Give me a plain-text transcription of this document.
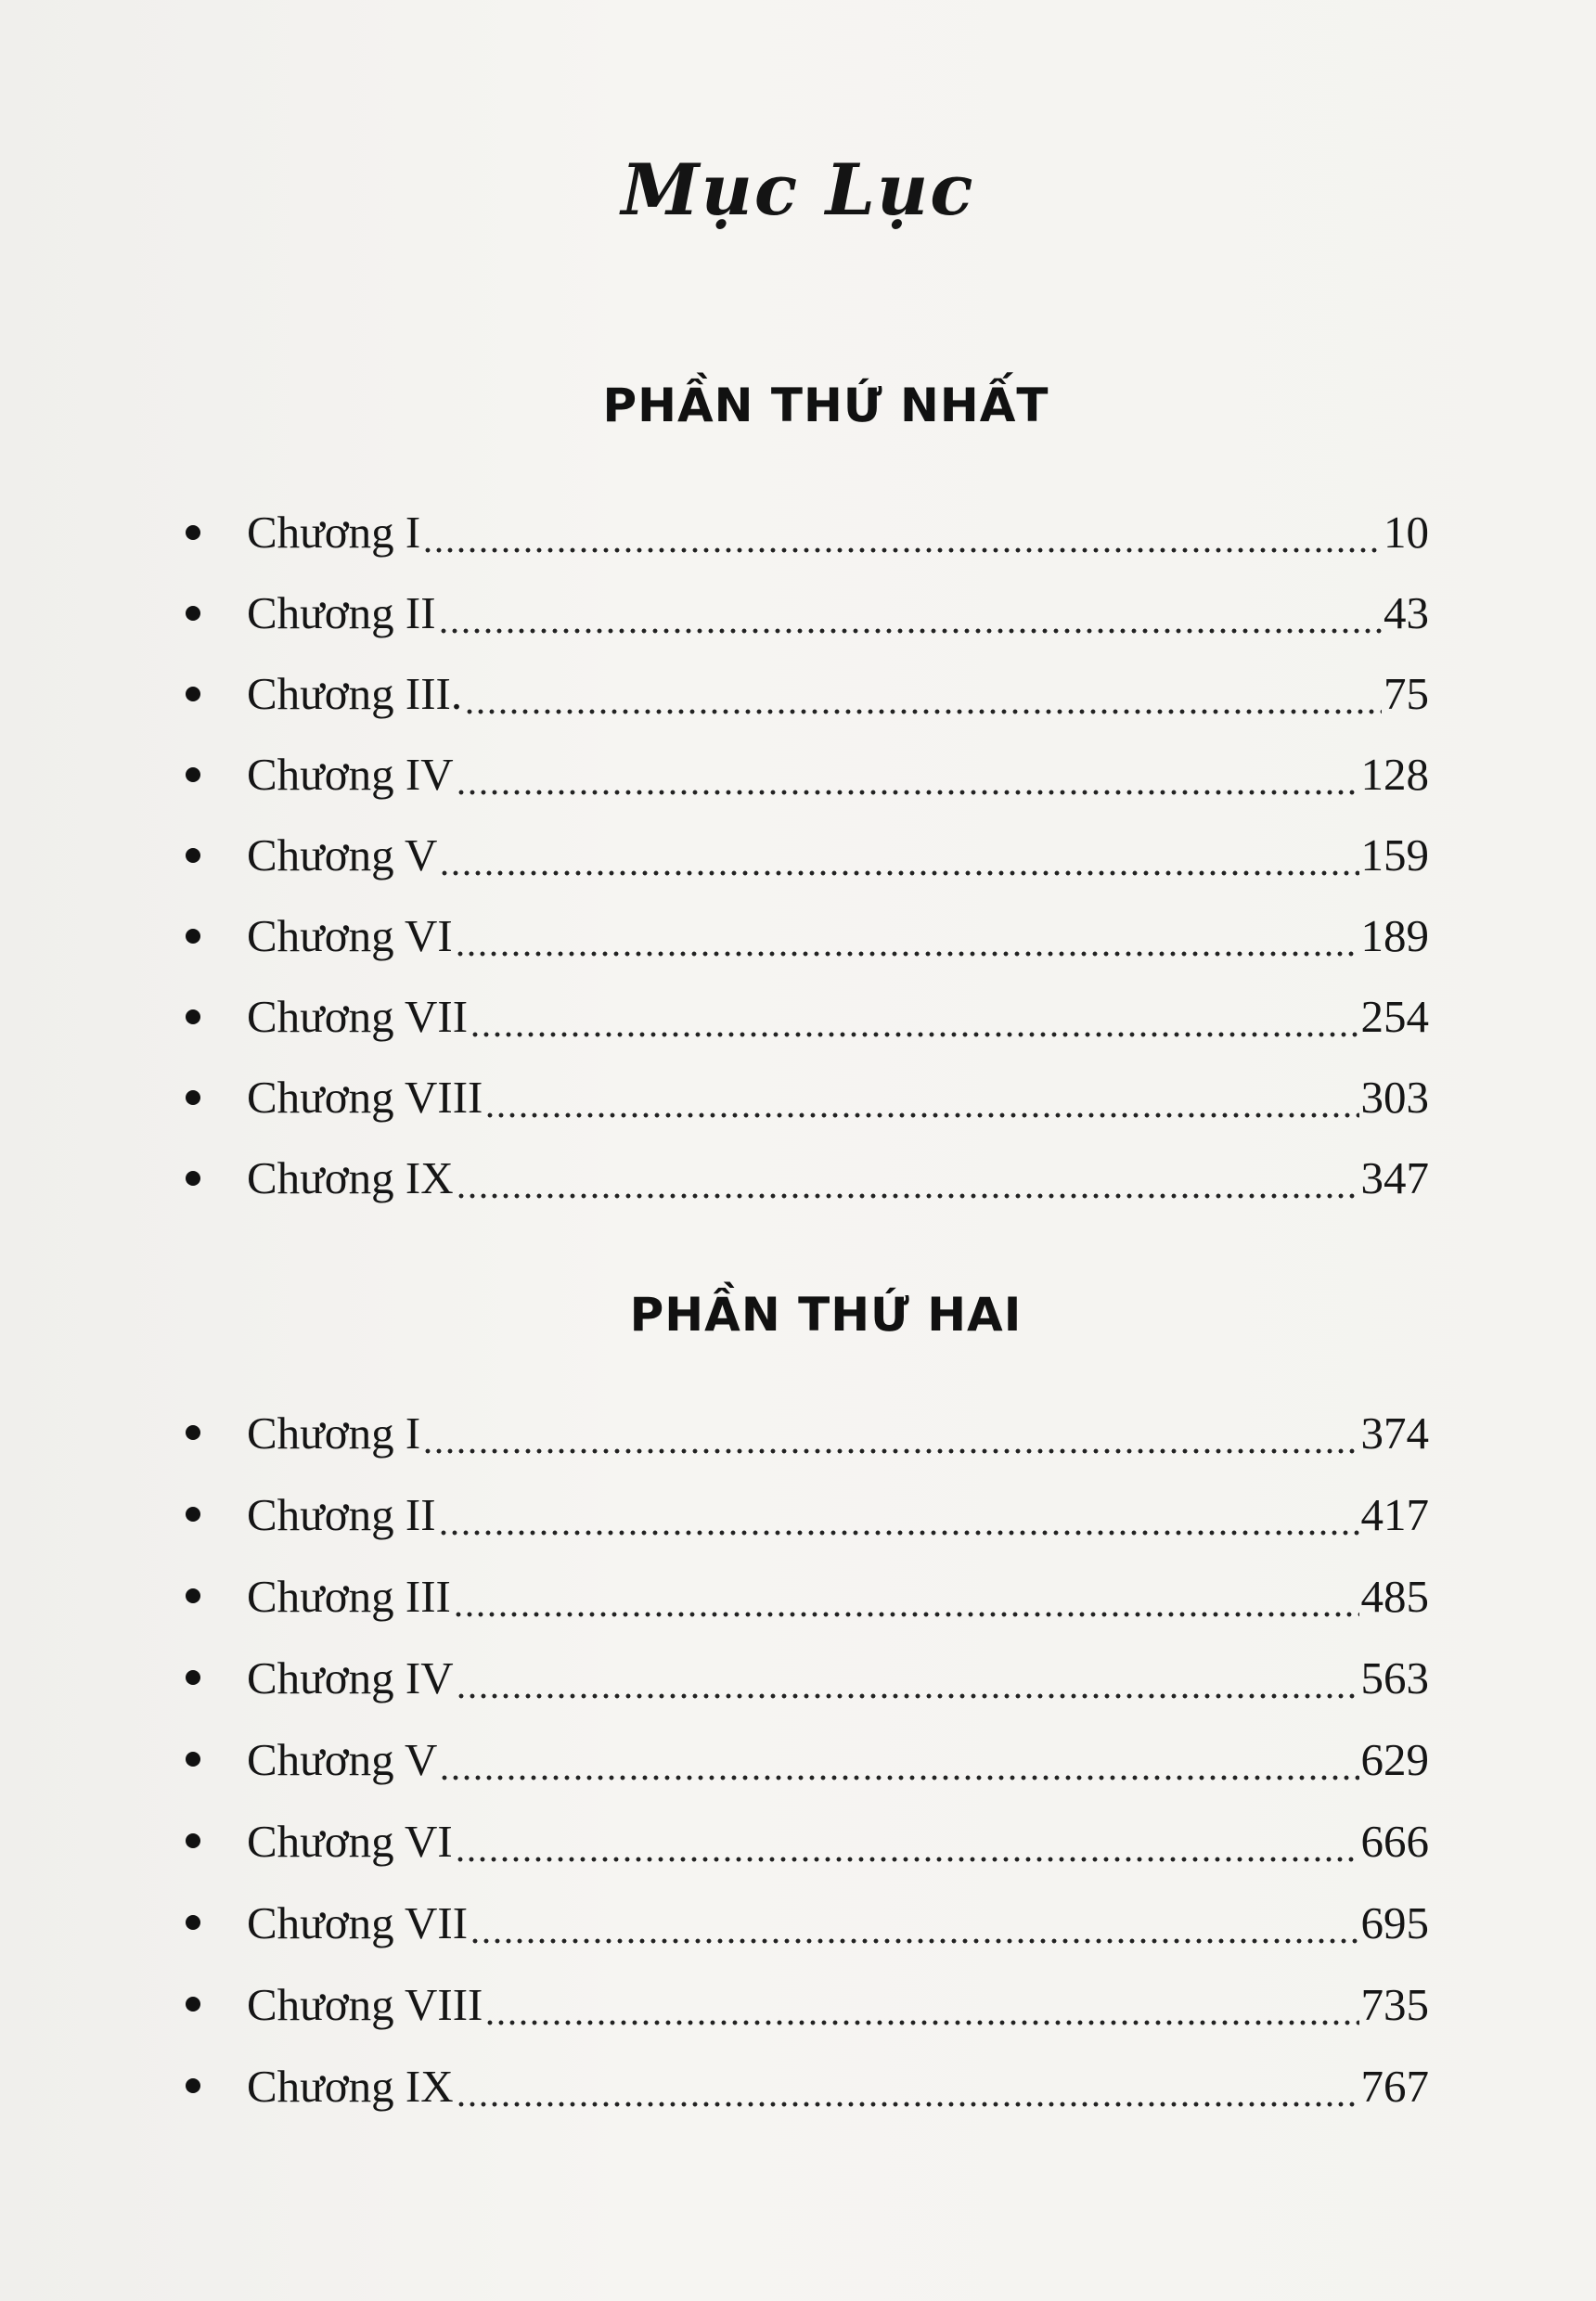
Mục Lục
PHẦN THỨ NHẤT
Chương I	10
Chương II	43
Chương III.	75
Chương IV	128
Chương V	159
Chương VI	189
Chương VII	254
Chương VIII	303
Chương IX	347
PHẦN THỨ HAI
Chương I	374
Chương II	417
Chương III	485
Chương IV	563
Chương V	629
Chương VI	666
Chương VII	695
Chương VIII	735
Chương IX	767
